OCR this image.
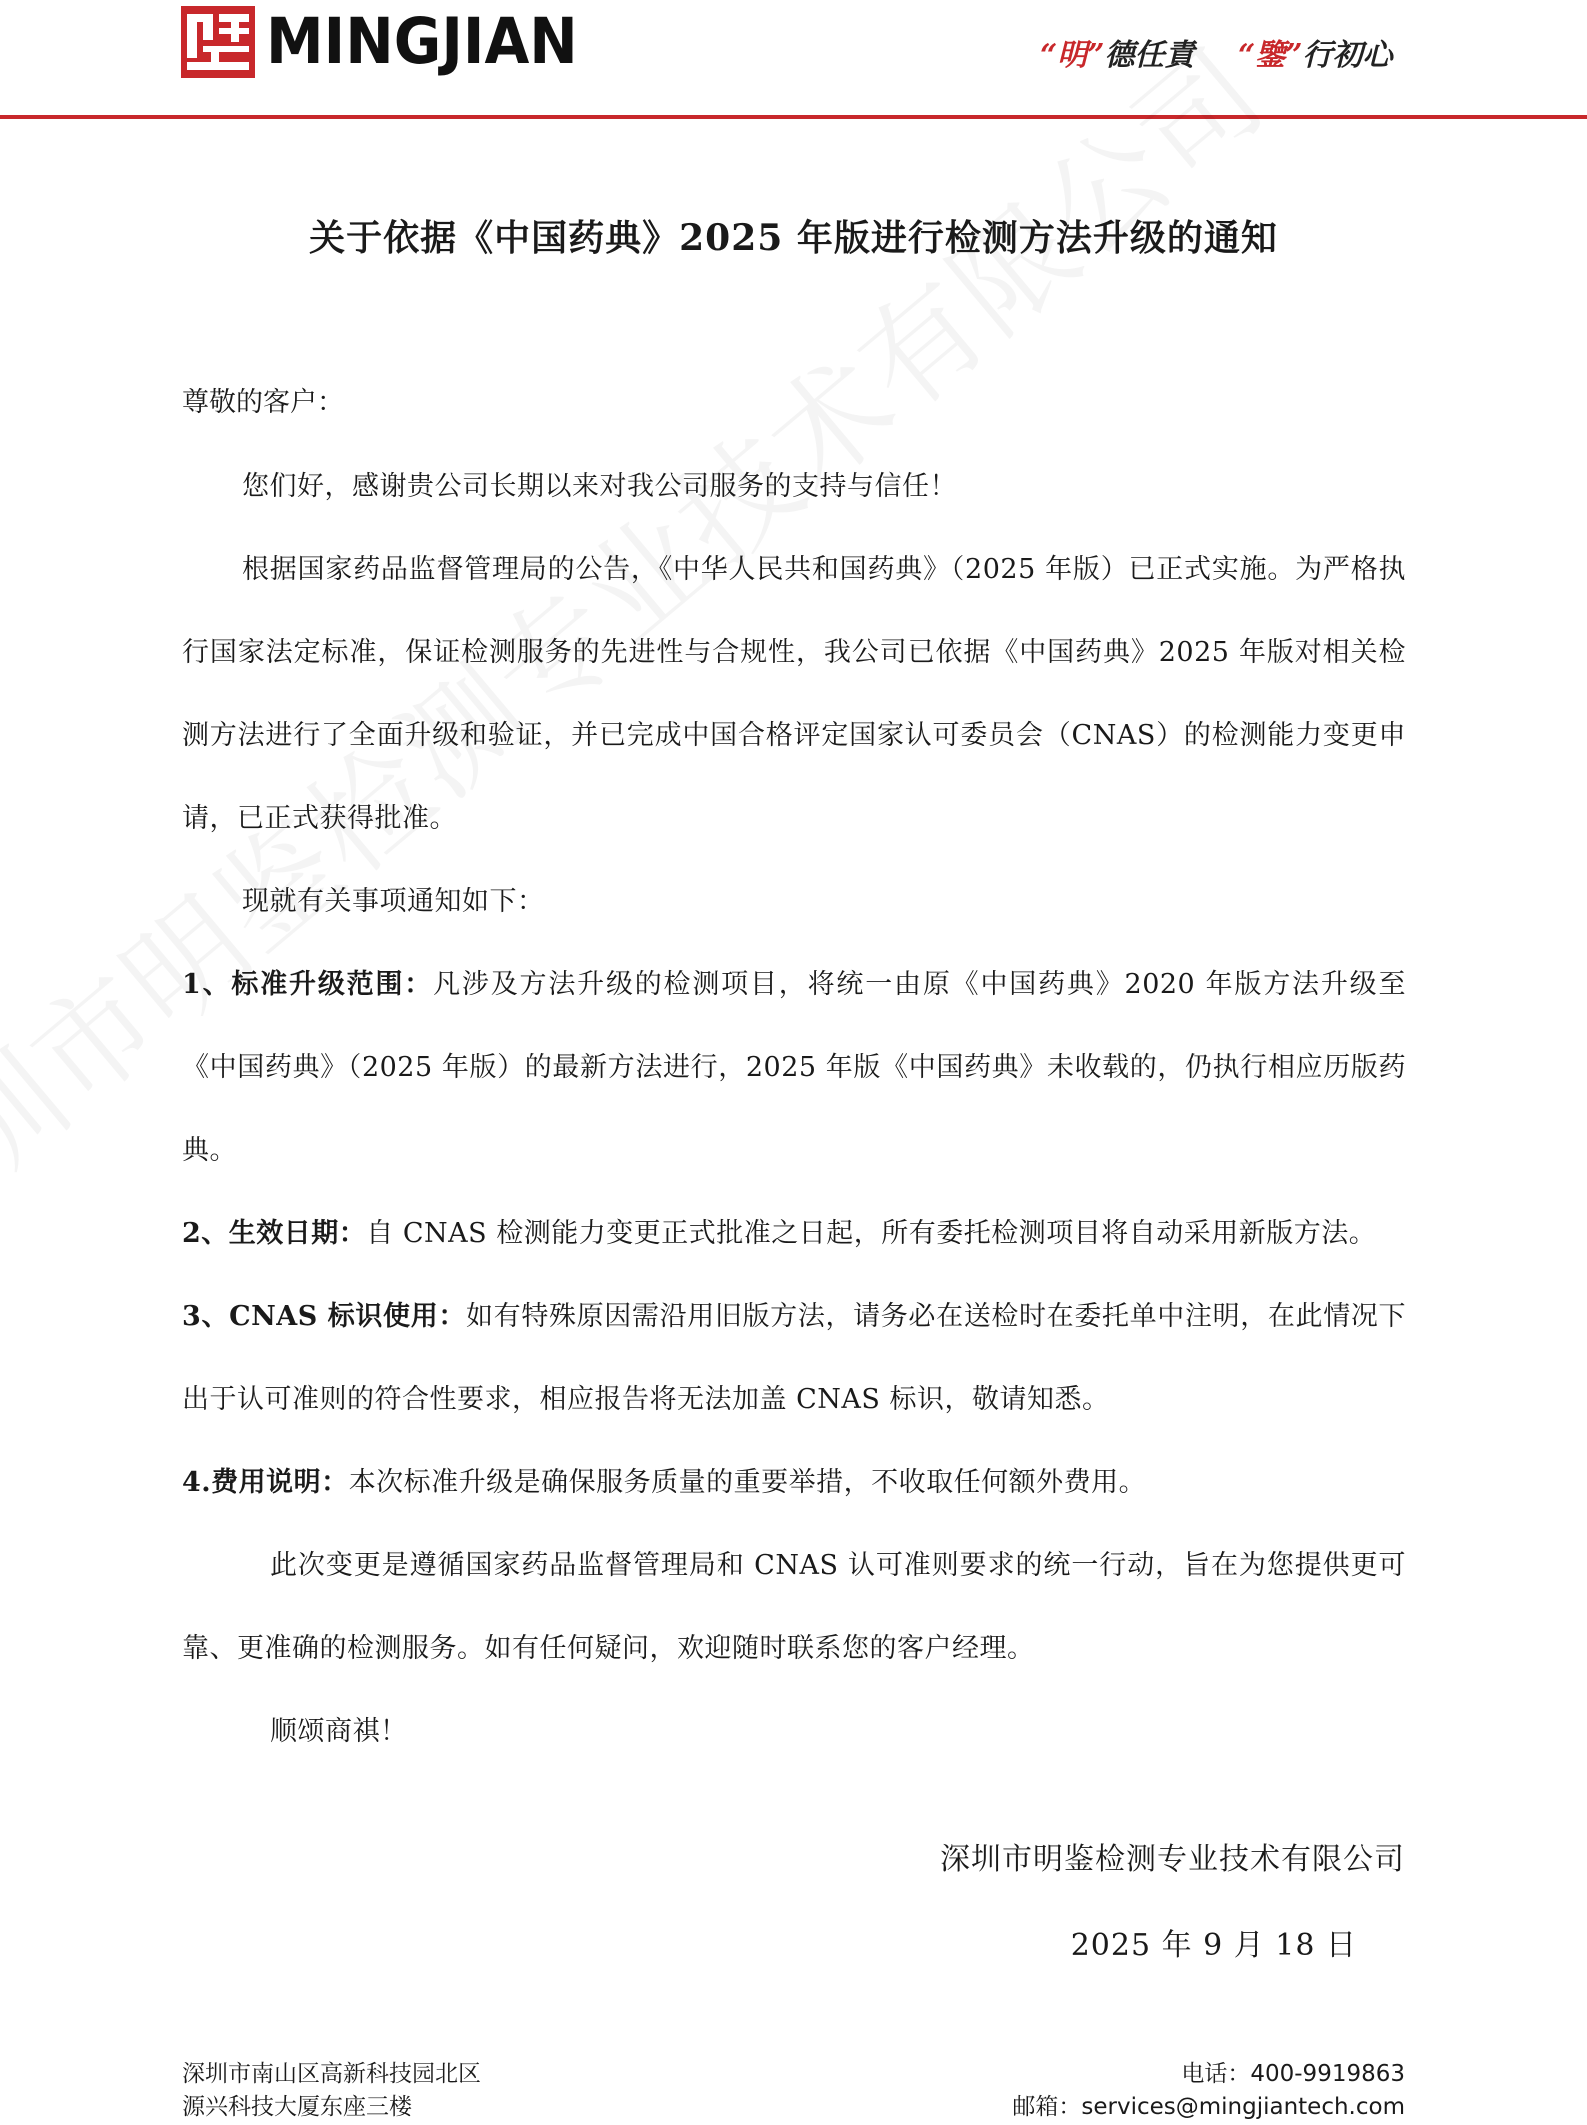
MINGJIAN	“明”德任責 “鑒”行初心
关于依据《中国药典》2025 年版进行检测方法升级的通知
尊敬的客户：

您们好，感谢贵公司长期以来对我公司服务的支持与信任！

根据国家药品监督管理局的公告，《中华人民共和国药典》（2025 年版）已正式实施。为严格执行国家法定标准，保证检测服务的先进性与合规性，我公司已依据《中国药典》2025 年版对相关检测方法进行了全面升级和验证，并已完成中国合格评定国家认可委员会（CNAS）的检测能力变更申请，已正式获得批准。

现就有关事项通知如下：

1、标准升级范围：凡涉及方法升级的检测项目，将统一由原《中国药典》2020 年版方法升级至《中国药典》（2025 年版）的最新方法进行，2025 年版《中国药典》未收载的，仍执行相应历版药典。

2、生效日期：自 CNAS 检测能力变更正式批准之日起，所有委托检测项目将自动采用新版方法。

3、CNAS 标识使用：如有特殊原因需沿用旧版方法，请务必在送检时在委托单中注明，在此情况下出于认可准则的符合性要求，相应报告将无法加盖 CNAS 标识，敬请知悉。

4.费用说明：本次标准升级是确保服务质量的重要举措，不收取任何额外费用。

此次变更是遵循国家药品监督管理局和 CNAS 认可准则要求的统一行动，旨在为您提供更可靠、更准确的检测服务。如有任何疑问，欢迎随时联系您的客户经理。

顺颂商祺！

深圳市明鉴检测专业技术有限公司
2025 年 9 月 18 日
深圳市南山区高新科技园北区
源兴科技大厦东座三楼
电话：400-9919863
邮箱：services@mingjiantech.com
